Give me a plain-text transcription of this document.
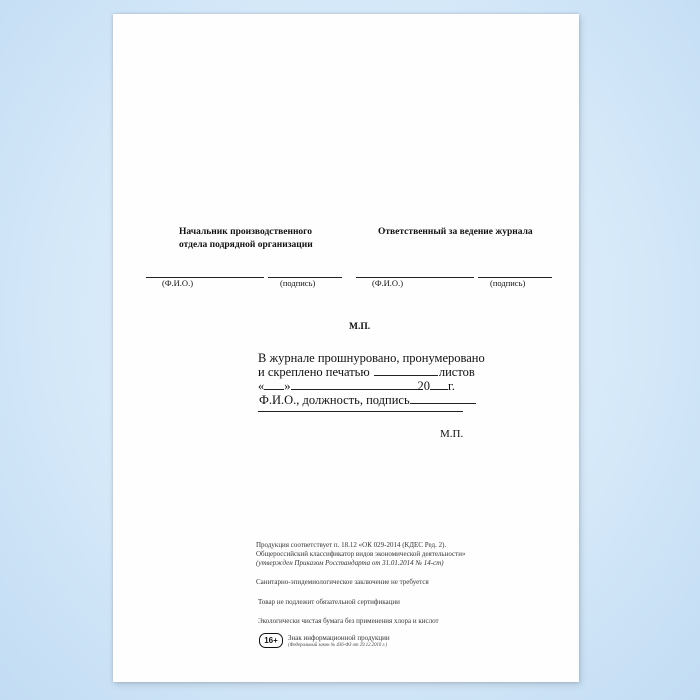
Начальник производственного
отдела подрядной организации
Ответственный за ведение журнала
(Ф.И.О.)	(подпись)	(Ф.И.О.)	(подпись)
М.П.
В журнале прошнуровано, пронумеровано
и скреплено печатью	листов
« »	20 г.
Ф.И.О., должность, подпись
М.П.
Продукция соответствует п. 18.12 «ОК 029-2014 (КДЕС Ред. 2).
Общероссийский классификатор видов экономической деятельности»
(утвержден Приказом Росстандарта от 31.01.2014 № 14-ст)
Санитарно-эпидемиологическое заключение не требуется
Товар не подлежит обязательной сертификации
Экологически чистая бумага без применения хлора и кислот
16+	Знак информационной продукции
(Федеральный закон № 436-ФЗ от 29.12.2010 г.)
